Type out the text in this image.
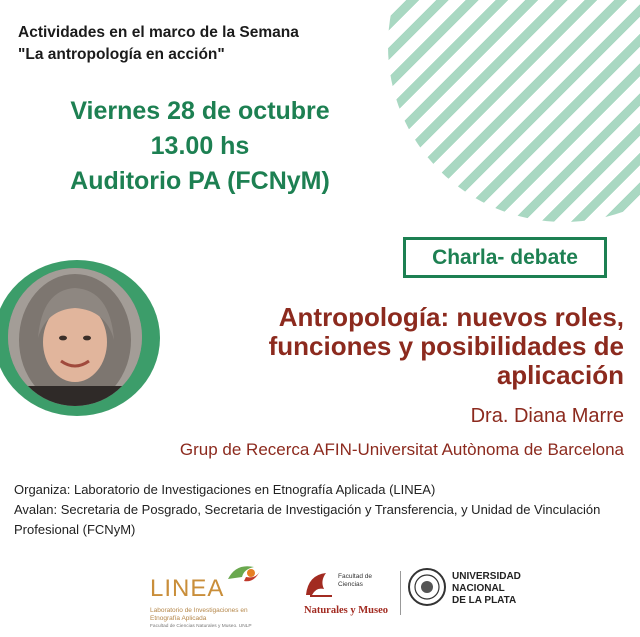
Actividades en el marco de la Semana
"La antropología en acción"
Viernes 28 de octubre
13.00 hs
Auditorio PA (FCNyM)
Charla- debate
Antropología: nuevos roles,
funciones y posibilidades de
aplicación
Dra. Diana Marre
Grup de Recerca AFIN-Universitat Autònoma de Barcelona
Organiza: Laboratorio de Investigaciones en Etnografía Aplicada (LINEA)
Avalan: Secretaria de Posgrado, Secretaria de Investigación y Transferencia, y Unidad de Vinculación Profesional (FCNyM)
LINEA
Laboratorio de Investigaciones en Etnografía Aplicada
Facultad de Ciencias Naturales y Museo. UNLP
Facultad de Ciencias
Naturales y Museo
UNIVERSIDAD
NACIONAL
DE LA PLATA
